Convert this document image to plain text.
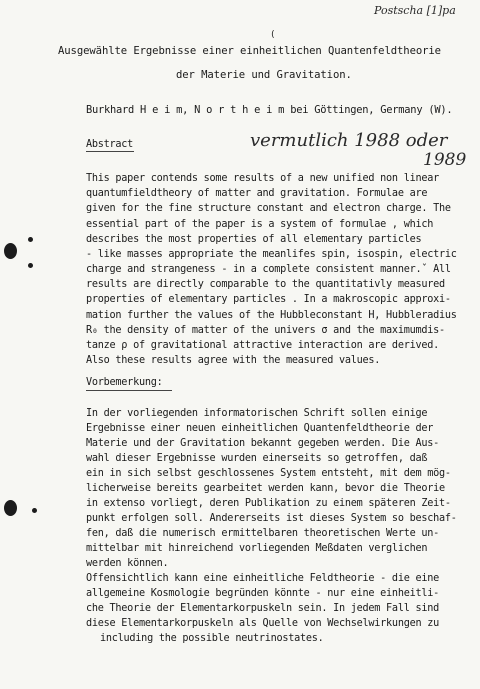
Postscha [1]pa
(
Ausgewählte Ergebnisse einer einheitlichen Quantenfeldtheorie
der Materie und Gravitation.
Burkhard H e i m, N o r t h e i m bei Göttingen, Germany (W).
Abstract	vermutlich 1988 oder
1989
This paper contends some results of a new unified non linear
quantumfieldtheory of matter and gravitation. Formulae are
given for the fine structure constant and electron charge. The
essential part of the paper is a system of formulae , which
describes the most properties of all elementary particles
- like masses appropriate the meanlifes spin, isospin, electric
charge and strangeness - in a complete consistent manner.ˇ All
results are directly comparable to the quantitativly measured
properties of elementary particles . In a makroscopic approxi-
mation further the values of the Hubbleconstant H, Hubbleradius
R₀ the density of matter of the univers σ and the maximumdis-
tanze ρ of gravitational attractive interaction are derived.
Also these results agree with the measured values.
Vorbemerkung:
In der vorliegenden informatorischen Schrift sollen einige
Ergebnisse einer neuen einheitlichen Quantenfeldtheorie der
Materie und der Gravitation bekannt gegeben werden. Die Aus-
wahl dieser Ergebnisse wurden einerseits so getroffen, daß
ein in sich selbst geschlossenes System entsteht, mit dem mög-
licherweise bereits gearbeitet werden kann, bevor die Theorie
in extenso vorliegt, deren Publikation zu einem späteren Zeit-
punkt erfolgen soll. Andererseits ist dieses System so beschaf-
fen, daß die numerisch ermittelbaren theoretischen Werte un-
mittelbar mit hinreichend vorliegenden Meßdaten verglichen
werden können.
Offensichtlich kann eine einheitliche Feldtheorie - die eine
allgemeine Kosmologie begründen könnte - nur eine einheitli-
che Theorie der Elementarkorpuskeln sein. In jedem Fall sind
diese Elementarkorpuskeln als Quelle von Wechselwirkungen zu
including the possible neutrinostates.
